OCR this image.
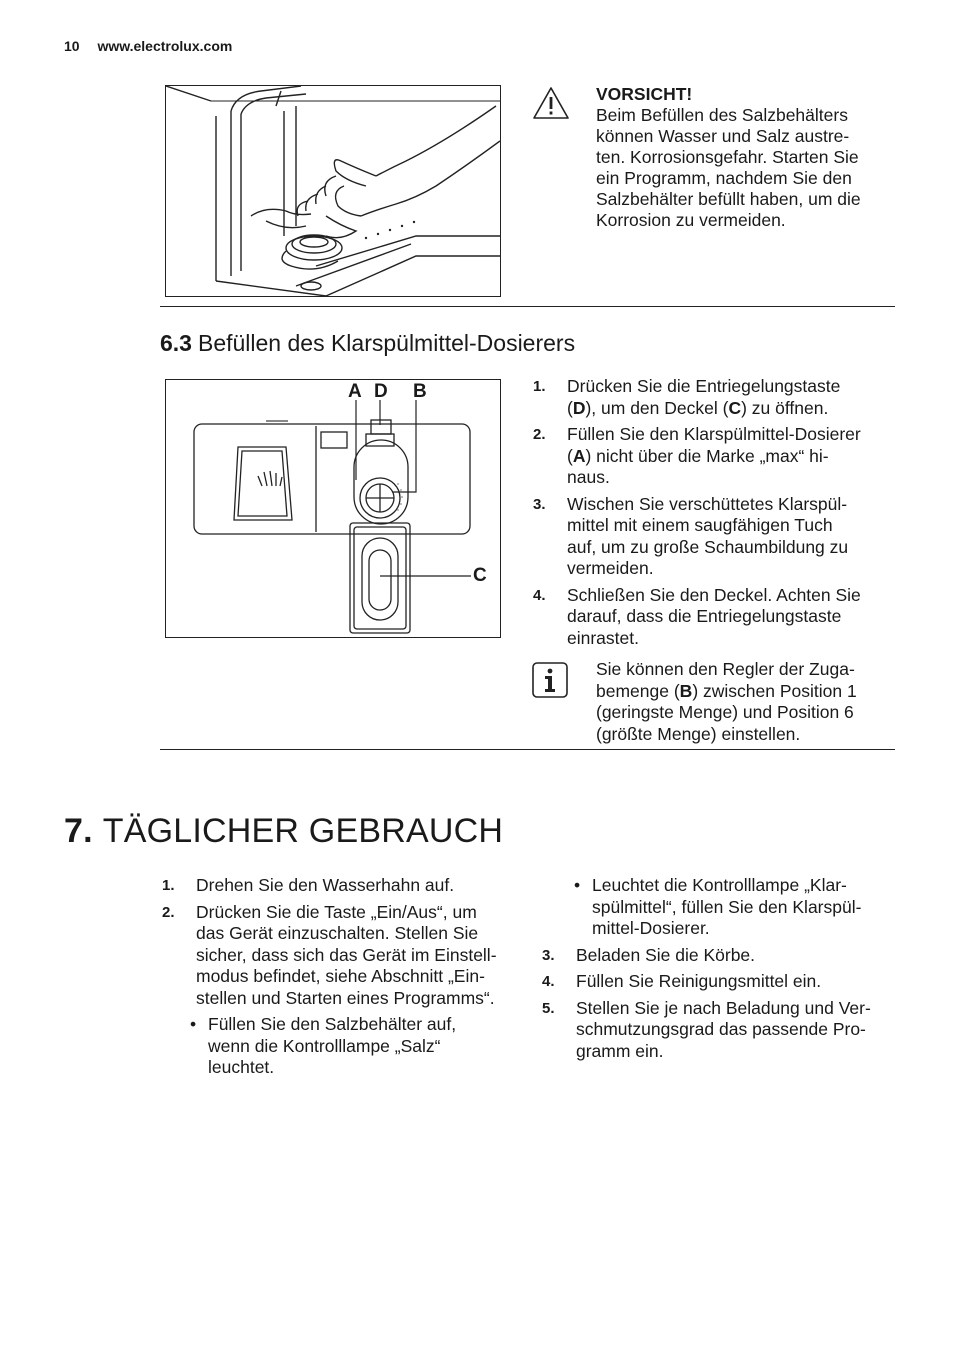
10 www.electrolux.com
VORSICHT!
Beim Befüllen des Salzbehälters
können Wasser und Salz austre-
ten. Korrosionsgefahr. Starten Sie
ein Programm, nachdem Sie den
Salzbehälter befüllt haben, um die
Korrosion zu vermeiden.
6.3 Befüllen des Klarspülmittel-Dosierers
A D B
C
1. Drücken Sie die Entriegelungstaste
(D), um den Deckel (C) zu öffnen.
2. Füllen Sie den Klarspülmittel-Dosierer
(A) nicht über die Marke „max“ hi-
naus.
3. Wischen Sie verschüttetes Klarspül-
mittel mit einem saugfähigen Tuch
auf, um zu große Schaumbildung zu
vermeiden.
4. Schließen Sie den Deckel. Achten Sie
darauf, dass die Entriegelungstaste
einrastet.
Sie können den Regler der Zuga-
bemenge (B) zwischen Position 1
(geringste Menge) und Position 6
(größte Menge) einstellen.
7. TÄGLICHER GEBRAUCH
1. Drehen Sie den Wasserhahn auf.
2. Drücken Sie die Taste „Ein/Aus“, um
das Gerät einzuschalten. Stellen Sie
sicher, dass sich das Gerät im Einstell-
modus befindet, siehe Abschnitt „Ein-
stellen und Starten eines Programms“.
• Füllen Sie den Salzbehälter auf,
wenn die Kontrolllampe „Salz“
leuchtet.
• Leuchtet die Kontrolllampe „Klar-
spülmittel“, füllen Sie den Klarspül-
mittel-Dosierer.
3. Beladen Sie die Körbe.
4. Füllen Sie Reinigungsmittel ein.
5. Stellen Sie je nach Beladung und Ver-
schmutzungsgrad das passende Pro-
gramm ein.
